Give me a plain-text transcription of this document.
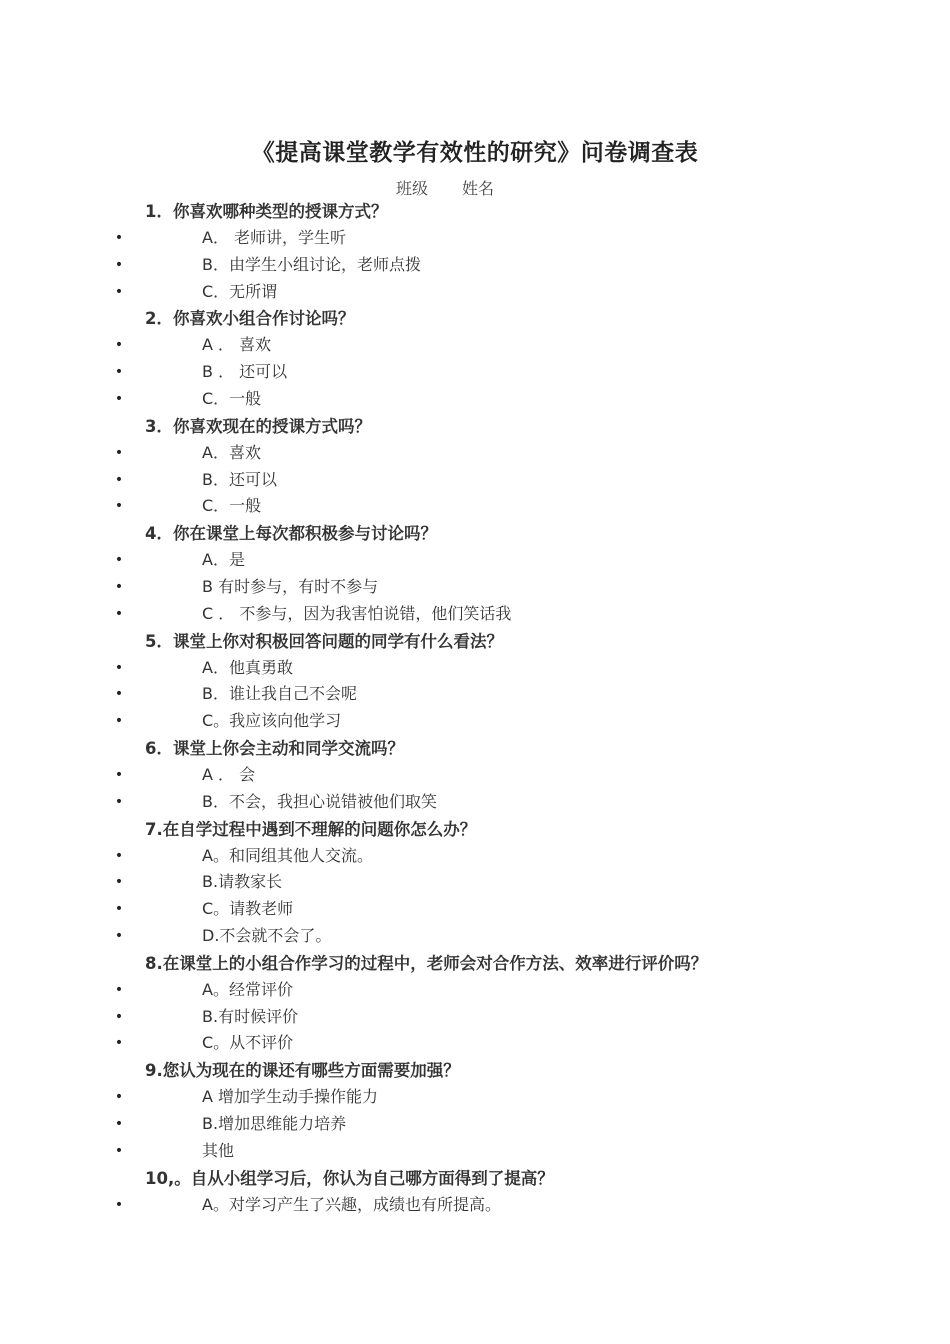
《提高课堂教学有效性的研究》问卷调查表
班级 姓名
1．你喜欢哪种类型的授课方式？
•	A． 老师讲，学生听
•	B．由学生小组讨论，老师点拨
•	C．无所谓
2．你喜欢小组合作讨论吗？
•	A ． 喜欢
•	B ． 还可以
•	C．一般
3．你喜欢现在的授课方式吗？
•	A．喜欢
•	B．还可以
•	C．一般
4．你在课堂上每次都积极参与讨论吗？
•	A．是
•	B 有时参与，有时不参与
•	C ． 不参与，因为我害怕说错，他们笑话我
5．课堂上你对积极回答问题的同学有什么看法？
•	A．他真勇敢
•	B．谁让我自己不会呢
•	C。我应该向他学习
6．课堂上你会主动和同学交流吗？
•	A ． 会
•	B．不会，我担心说错被他们取笑
7.在自学过程中遇到不理解的问题你怎么办？
•	A。和同组其他人交流。
•	B.请教家长
•	C。请教老师
•	D.不会就不会了。
8.在课堂上的小组合作学习的过程中，老师会对合作方法、效率进行评价吗？
•	A。经常评价
•	B.有时候评价
•	C。从不评价
9.您认为现在的课还有哪些方面需要加强？
•	A 增加学生动手操作能力
•	B.增加思维能力培养
•	其他
10,。自从小组学习后，你认为自己哪方面得到了提高？
•	A。对学习产生了兴趣，成绩也有所提高。
